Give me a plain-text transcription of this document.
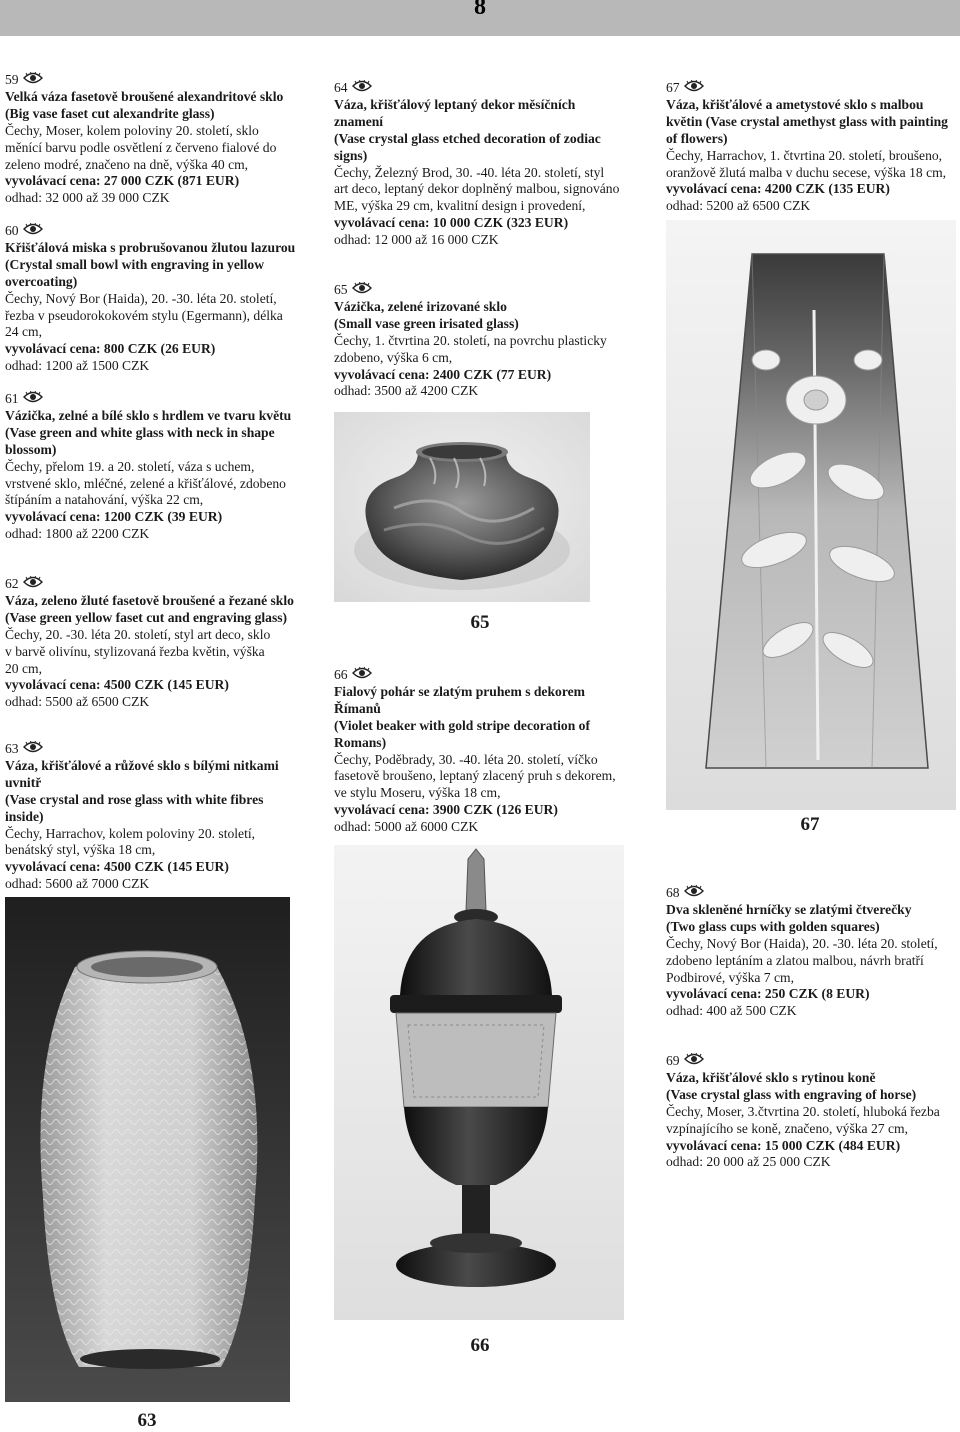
8
59
Velká váza fasetově broušené alexandritové sklo
(Big vase faset cut alexandrite glass)
Čechy, Moser, kolem poloviny 20. století, sklo
měnící barvu podle osvětlení z červeno fialové do
zeleno modré, značeno na dně, výška 40 cm,
vyvolávací cena: 27 000 CZK (871 EUR)
odhad: 32 000 až 39 000 CZK
60
Křišťálová miska s probrušovanou žlutou lazurou
(Crystal small bowl with engraving in yellow
overcoating)
Čechy, Nový Bor (Haida), 20. -30. léta 20. století,
řezba v pseudorokokovém stylu (Egermann), délka
24 cm,
vyvolávací cena: 800 CZK (26 EUR)
odhad: 1200 až 1500 CZK
61
Vázička, zelné a bílé sklo s hrdlem ve tvaru květu
(Vase green and white glass with neck in shape
blossom)
Čechy, přelom 19. a 20. století, váza s uchem,
vrstvené sklo, mléčné, zelené a křišťálové, zdobeno
štípáním a natahování, výška 22 cm,
vyvolávací cena: 1200 CZK (39 EUR)
odhad: 1800 až 2200 CZK
62
Váza, zeleno žluté fasetově broušené a řezané sklo
(Vase green yellow faset cut and engraving glass)
Čechy, 20. -30. léta 20. století, styl art deco, sklo
v barvě olivínu, stylizovaná řezba květin, výška
20 cm,
vyvolávací cena: 4500 CZK (145 EUR)
odhad: 5500 až 6500 CZK
63
Váza, křišťálové a růžové sklo s bílými nitkami
uvnitř
(Vase crystal and rose glass with white fibres
inside)
Čechy, Harrachov, kolem poloviny 20. století,
benátský styl, výška 18 cm,
vyvolávací cena: 4500 CZK (145 EUR)
odhad: 5600 až 7000 CZK
64
Váza, křišťálový leptaný dekor měsíčních
znamení
(Vase crystal glass etched decoration of zodiac
signs)
Čechy, Železný Brod, 30. -40. léta 20. století, styl
art deco, leptaný dekor doplněný malbou, signováno
ME, výška 29 cm, kvalitní design i provedení,
vyvolávací cena: 10 000 CZK (323 EUR)
odhad: 12 000 až 16 000 CZK
65
Vázička, zelené irizované sklo
(Small vase green irisated glass)
Čechy, 1. čtvrtina 20. století, na povrchu plasticky
zdobeno, výška 6 cm,
vyvolávací cena: 2400 CZK (77 EUR)
odhad: 3500 až 4200 CZK
66
Fialový pohár se zlatým pruhem s dekorem
Římanů
(Violet beaker with gold stripe decoration of
Romans)
Čechy, Poděbrady, 30. -40. léta 20. století, víčko
fasetově broušeno, leptaný zlacený pruh s dekorem,
ve stylu Moseru, výška 18 cm,
vyvolávací cena: 3900 CZK (126 EUR)
odhad: 5000 až 6000 CZK
67
Váza, křišťálové a ametystové sklo s malbou
květin (Vase crystal amethyst glass with painting
of flowers)
Čechy, Harrachov, 1. čtvrtina 20. století, broušeno,
oranžově žlutá malba v duchu secese, výška 18 cm,
vyvolávací cena: 4200 CZK (135 EUR)
odhad: 5200 až 6500 CZK
68
Dva skleněné hrníčky se zlatými čtverečky
(Two glass cups with golden squares)
Čechy, Nový Bor (Haida), 20. -30. léta 20. století,
zdobeno leptáním a zlatou malbou, návrh bratří
Podbirové, výška 7 cm,
vyvolávací cena: 250 CZK (8 EUR)
odhad: 400 až 500 CZK
69
Váza, křišťálové sklo s rytinou koně
(Vase crystal glass with engraving of horse)
Čechy, Moser, 3.čtvrtina 20. století, hluboká řezba
vzpínajícího se koně, značeno, výška 27 cm,
vyvolávací cena: 15 000 CZK (484 EUR)
odhad: 20 000 až 25 000 CZK
65
67
66
63
